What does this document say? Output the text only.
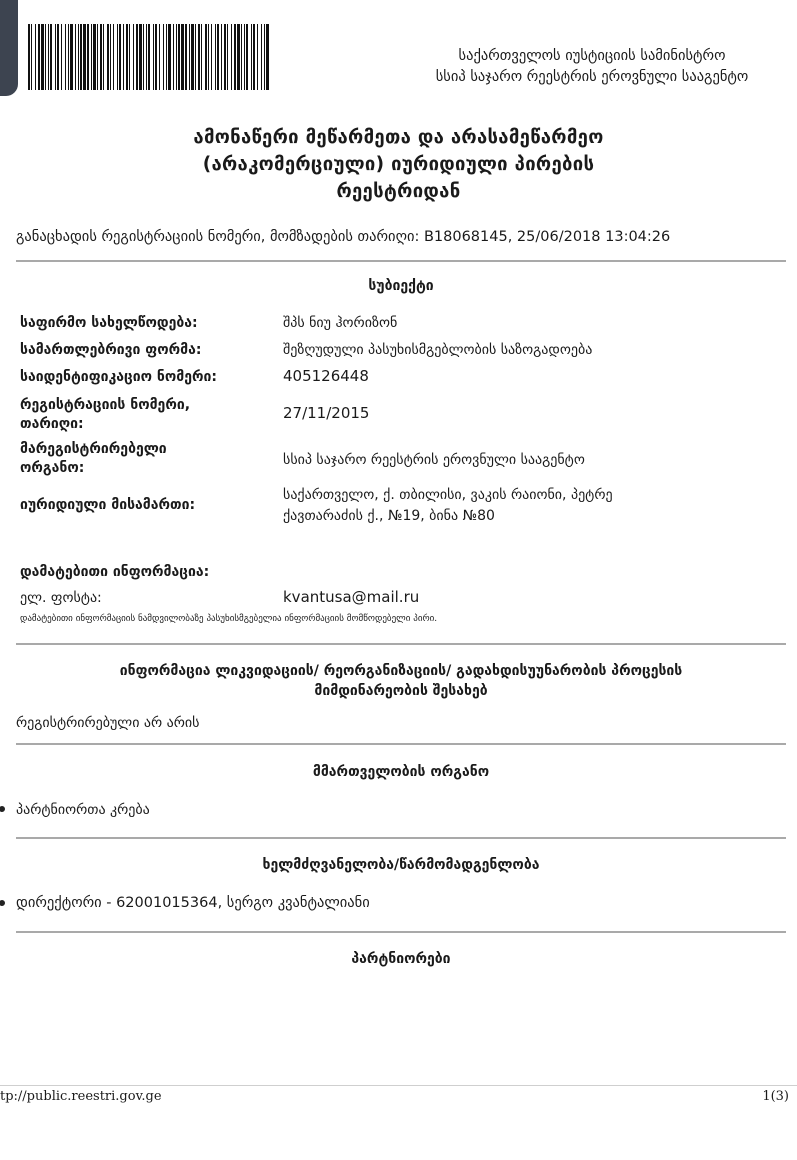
საქართველოს იუსტიციის სამინისტრო
სსიპ საჯარო რეესტრის ეროვნული სააგენტო
ამონაწერი მეწარმეთა და არასამეწარმეო
(არაკომერციული) იურიდიული პირების
რეესტრიდან
განაცხადის რეგისტრაციის ნომერი, მომზადების თარიღი: B18068145, 25/06/2018 13:04:26
სუბიექტი
საფირმო სახელწოდება:	შპს ნიუ ჰორიზონ
სამართლებრივი ფორმა:	შეზღუდული პასუხისმგებლობის საზოგადოება
საიდენტიფიკაციო ნომერი:	405126448
რეგისტრაციის ნომერი, თარიღი:
27/11/2015
მარეგისტრირებელი ორგანო:	სსიპ საჯარო რეესტრის ეროვნული სააგენტო
იურიდიული მისამართი:
საქართველო, ქ. თბილისი, ვაკის რაიონი, პეტრე ქავთარაძის ქ., №19, ბინა №80
დამატებითი ინფორმაცია:
ელ. ფოსტა:	kvantusa@mail.ru
დამატებითი ინფორმაციის ნამდვილობაზე პასუხისმგებელია ინფორმაციის მომწოდებელი პირი.
ინფორმაცია ლიკვიდაციის/ რეორგანიზაციის/ გადახდისუუნარობის პროცესის
მიმდინარეობის შესახებ
რეგისტრირებული არ არის
მმართველობის ორგანო
პარტნიორთა კრება
ხელმძღვანელობა/წარმომადგენლობა
დირექტორი - 62001015364, სერგო კვანტალიანი
პარტნიორები
tp://public.reestri.gov.ge	1(3)
